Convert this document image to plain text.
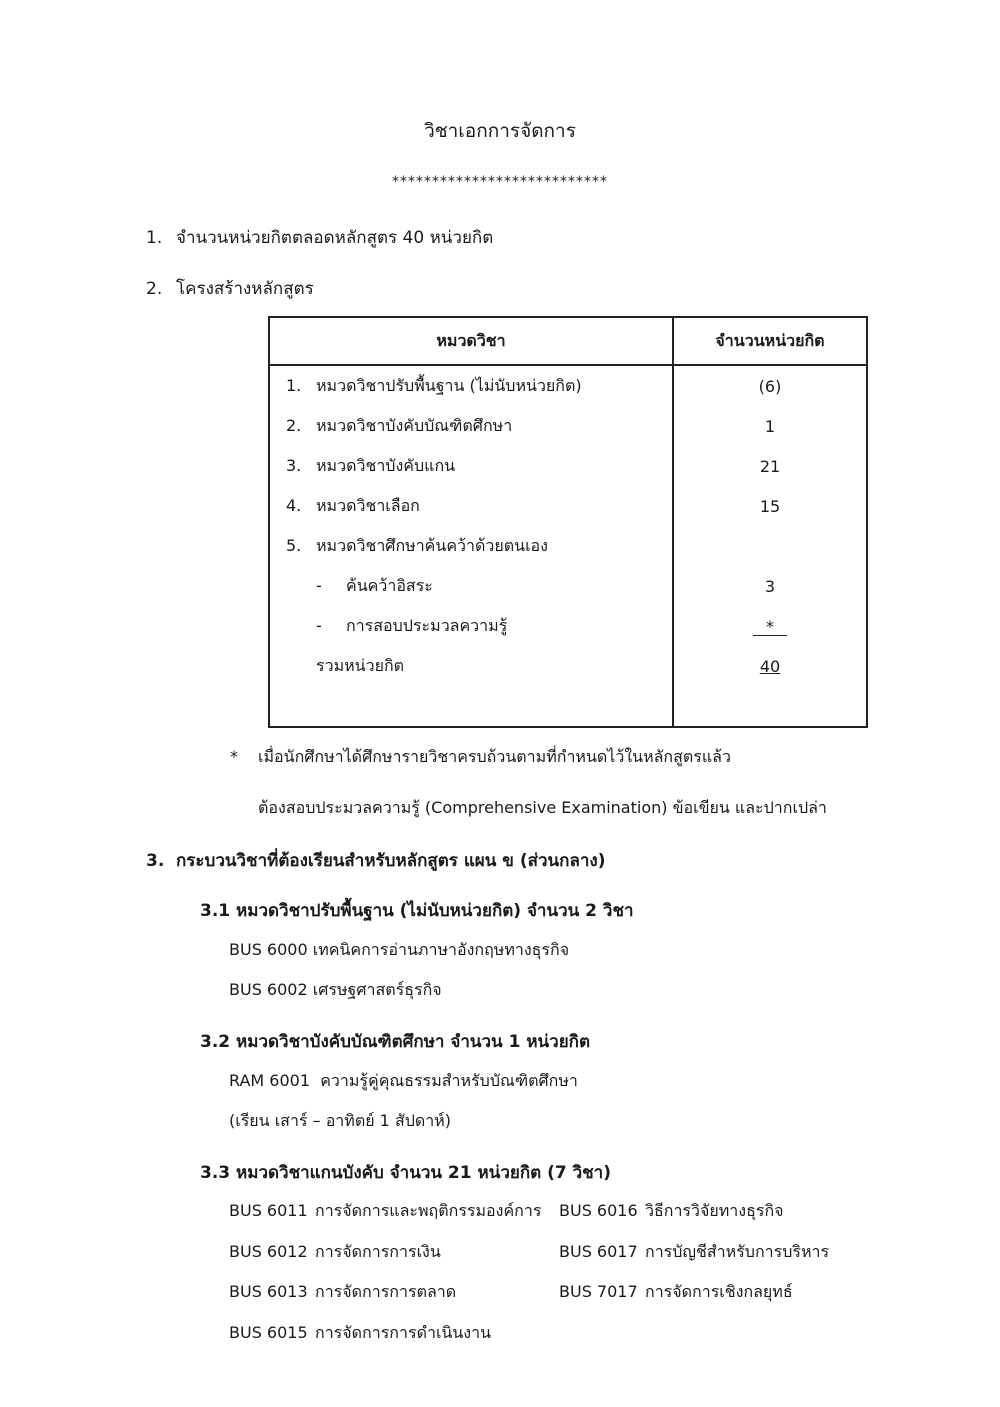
วิชาเอกการจัดการ
***************************
1. จำนวนหน่วยกิตตลอดหลักสูตร 40 หน่วยกิต
2. โครงสร้างหลักสูตร
หมวดวิชา	จำนวนหน่วยกิต
1. หมวดวิชาปรับพื้นฐาน (ไม่นับหน่วยกิต)	(6)
2. หมวดวิชาบังคับบัณฑิตศึกษา	1
3. หมวดวิชาบังคับแกน	21
4. หมวดวิชาเลือก	15
5. หมวดวิชาศึกษาค้นคว้าด้วยตนเอง	
- ค้นคว้าอิสระ	3
- การสอบประมวลความรู้	*
รวมหน่วยกิต	40

* เมื่อนักศึกษาได้ศึกษารายวิชาครบถ้วนตามที่กำหนดไว้ในหลักสูตรแล้ว
ต้องสอบประมวลความรู้ (Comprehensive Examination) ข้อเขียน และปากเปล่า
3. กระบวนวิชาที่ต้องเรียนสำหรับหลักสูตร แผน ข (ส่วนกลาง)
3.1 หมวดวิชาปรับพื้นฐาน (ไม่นับหน่วยกิต) จำนวน 2 วิชา
BUS 6000 เทคนิคการอ่านภาษาอังกฤษทางธุรกิจ
BUS 6002 เศรษฐศาสตร์ธุรกิจ
3.2 หมวดวิชาบังคับบัณฑิตศึกษา จำนวน 1 หน่วยกิต
RAM 6001 ความรู้คู่คุณธรรมสำหรับบัณฑิตศึกษา
(เรียน เสาร์ – อาทิตย์ 1 สัปดาห์)
3.3 หมวดวิชาแกนบังคับ จำนวน 21 หน่วยกิต (7 วิชา)
BUS 6011 การจัดการและพฤติกรรมองค์การ
BUS 6012 การจัดการการเงิน
BUS 6013 การจัดการการตลาด
BUS 6015 การจัดการการดำเนินงาน
BUS 6016 วิธีการวิจัยทางธุรกิจ
BUS 6017 การบัญชีสำหรับการบริหาร
BUS 7017 การจัดการเชิงกลยุทธ์
